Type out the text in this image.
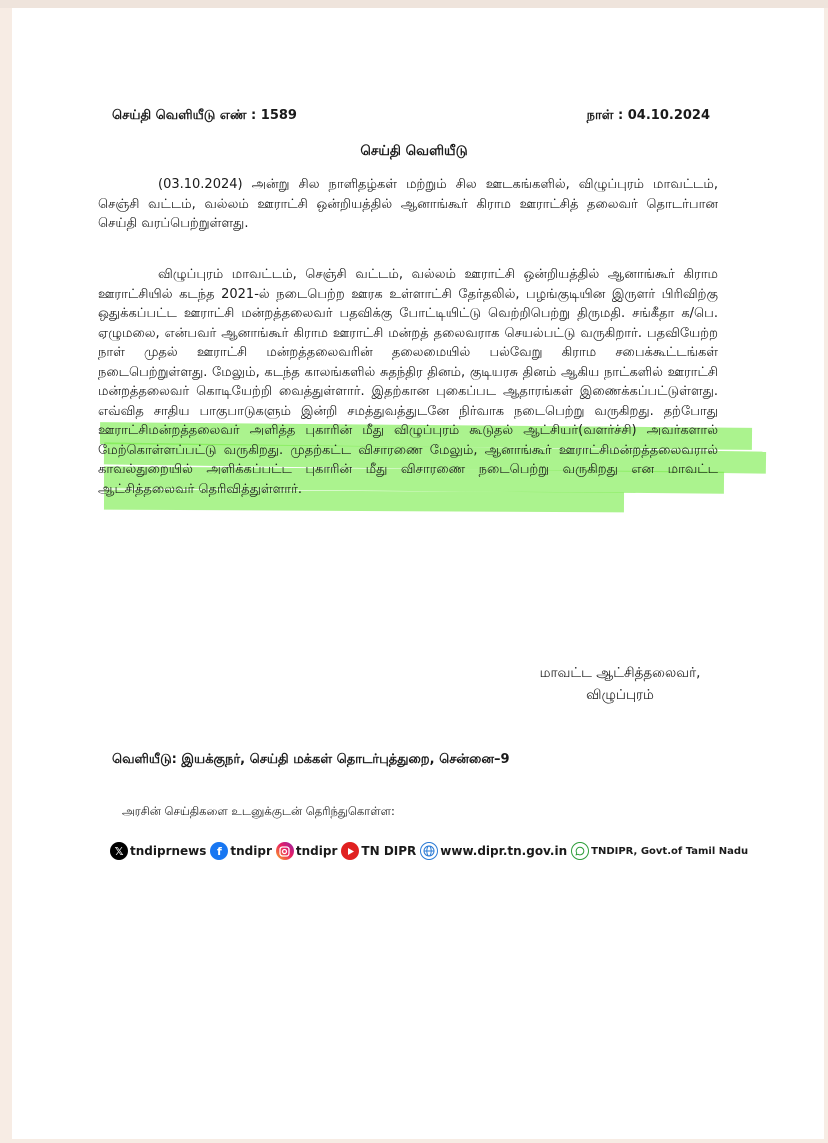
செய்தி வெளியீடு எண் : 1589	நாள் : 04.10.2024
செய்தி வெளியீடு

(03.10.2024) அன்று சில நாளிதழ்கள் மற்றும் சில ஊடகங்களில், விழுப்புரம் மாவட்டம், செஞ்சி வட்டம், வல்லம் ஊராட்சி ஒன்றியத்தில் ஆனாங்கூர் கிராம ஊராட்சித் தலைவர் தொடர்பான செய்தி வரப்பெற்றுள்ளது.

விழுப்புரம் மாவட்டம், செஞ்சி வட்டம், வல்லம் ஊராட்சி ஒன்றியத்தில் ஆனாங்கூர் கிராம ஊராட்சியில் கடந்த 2021-ல் நடைபெற்ற ஊரக உள்ளாட்சி தேர்தலில், பழங்குடியின இருளர் பிரிவிற்கு ஒதுக்கப்பட்ட ஊராட்சி மன்றத்தலைவர் பதவிக்கு போட்டியிட்டு வெற்றிபெற்று திருமதி. சங்கீதா க/பெ. ஏழுமலை, என்பவர் ஆனாங்கூர் கிராம ஊராட்சி மன்றத் தலைவராக செயல்பட்டு வருகிறார். பதவியேற்ற நாள் முதல் ஊராட்சி மன்றத்தலைவரின் தலைமையில் பல்வேறு கிராம சபைக்கூட்டங்கள் நடைபெற்றுள்ளது. மேலும், கடந்த காலங்களில் சுதந்திர தினம், குடியரசு தினம் ஆகிய நாட்களில் ஊராட்சி மன்றத்தலைவர் கொடியேற்றி வைத்துள்ளார். இதற்கான புகைப்பட ஆதாரங்கள் இணைக்கப்பட்டுள்ளது. எவ்வித சாதிய பாகுபாடுகளும் இன்றி சமத்துவத்துடனே நிர்வாக நடைபெற்று வருகிறது. தற்போது ஊராட்சிமன்றத்தலைவர் அளித்த புகாரின் மீது விழுப்புரம் கூடுதல் ஆட்சியர்(வளர்ச்சி) அவர்களால் மேற்கொள்ளப்பட்டு வருகிறது. முதற்கட்ட விசாரணை மேலும், ஆனாங்கூர் ஊராட்சிமன்றத்தலைவரால் காவல்துறையில் அளிக்கப்பட்ட புகாரின் மீது விசாரணை நடைபெற்று வருகிறது என மாவட்ட ஆட்சித்தலைவர் தெரிவித்துள்ளார்.

மாவட்ட ஆட்சித்தலைவர்,
விழுப்புரம்
வெளியீடு: இயக்குநர், செய்தி மக்கள் தொடர்புத்துறை, சென்னை–9
அரசின் செய்திகளை உடனுக்குடன் தெரிந்துகொள்ள:
𝕏 tndiprnews f tndipr tndipr TN DIPR www.dipr.tn.gov.in TNDIPR, Govt.of Tamil Nadu
